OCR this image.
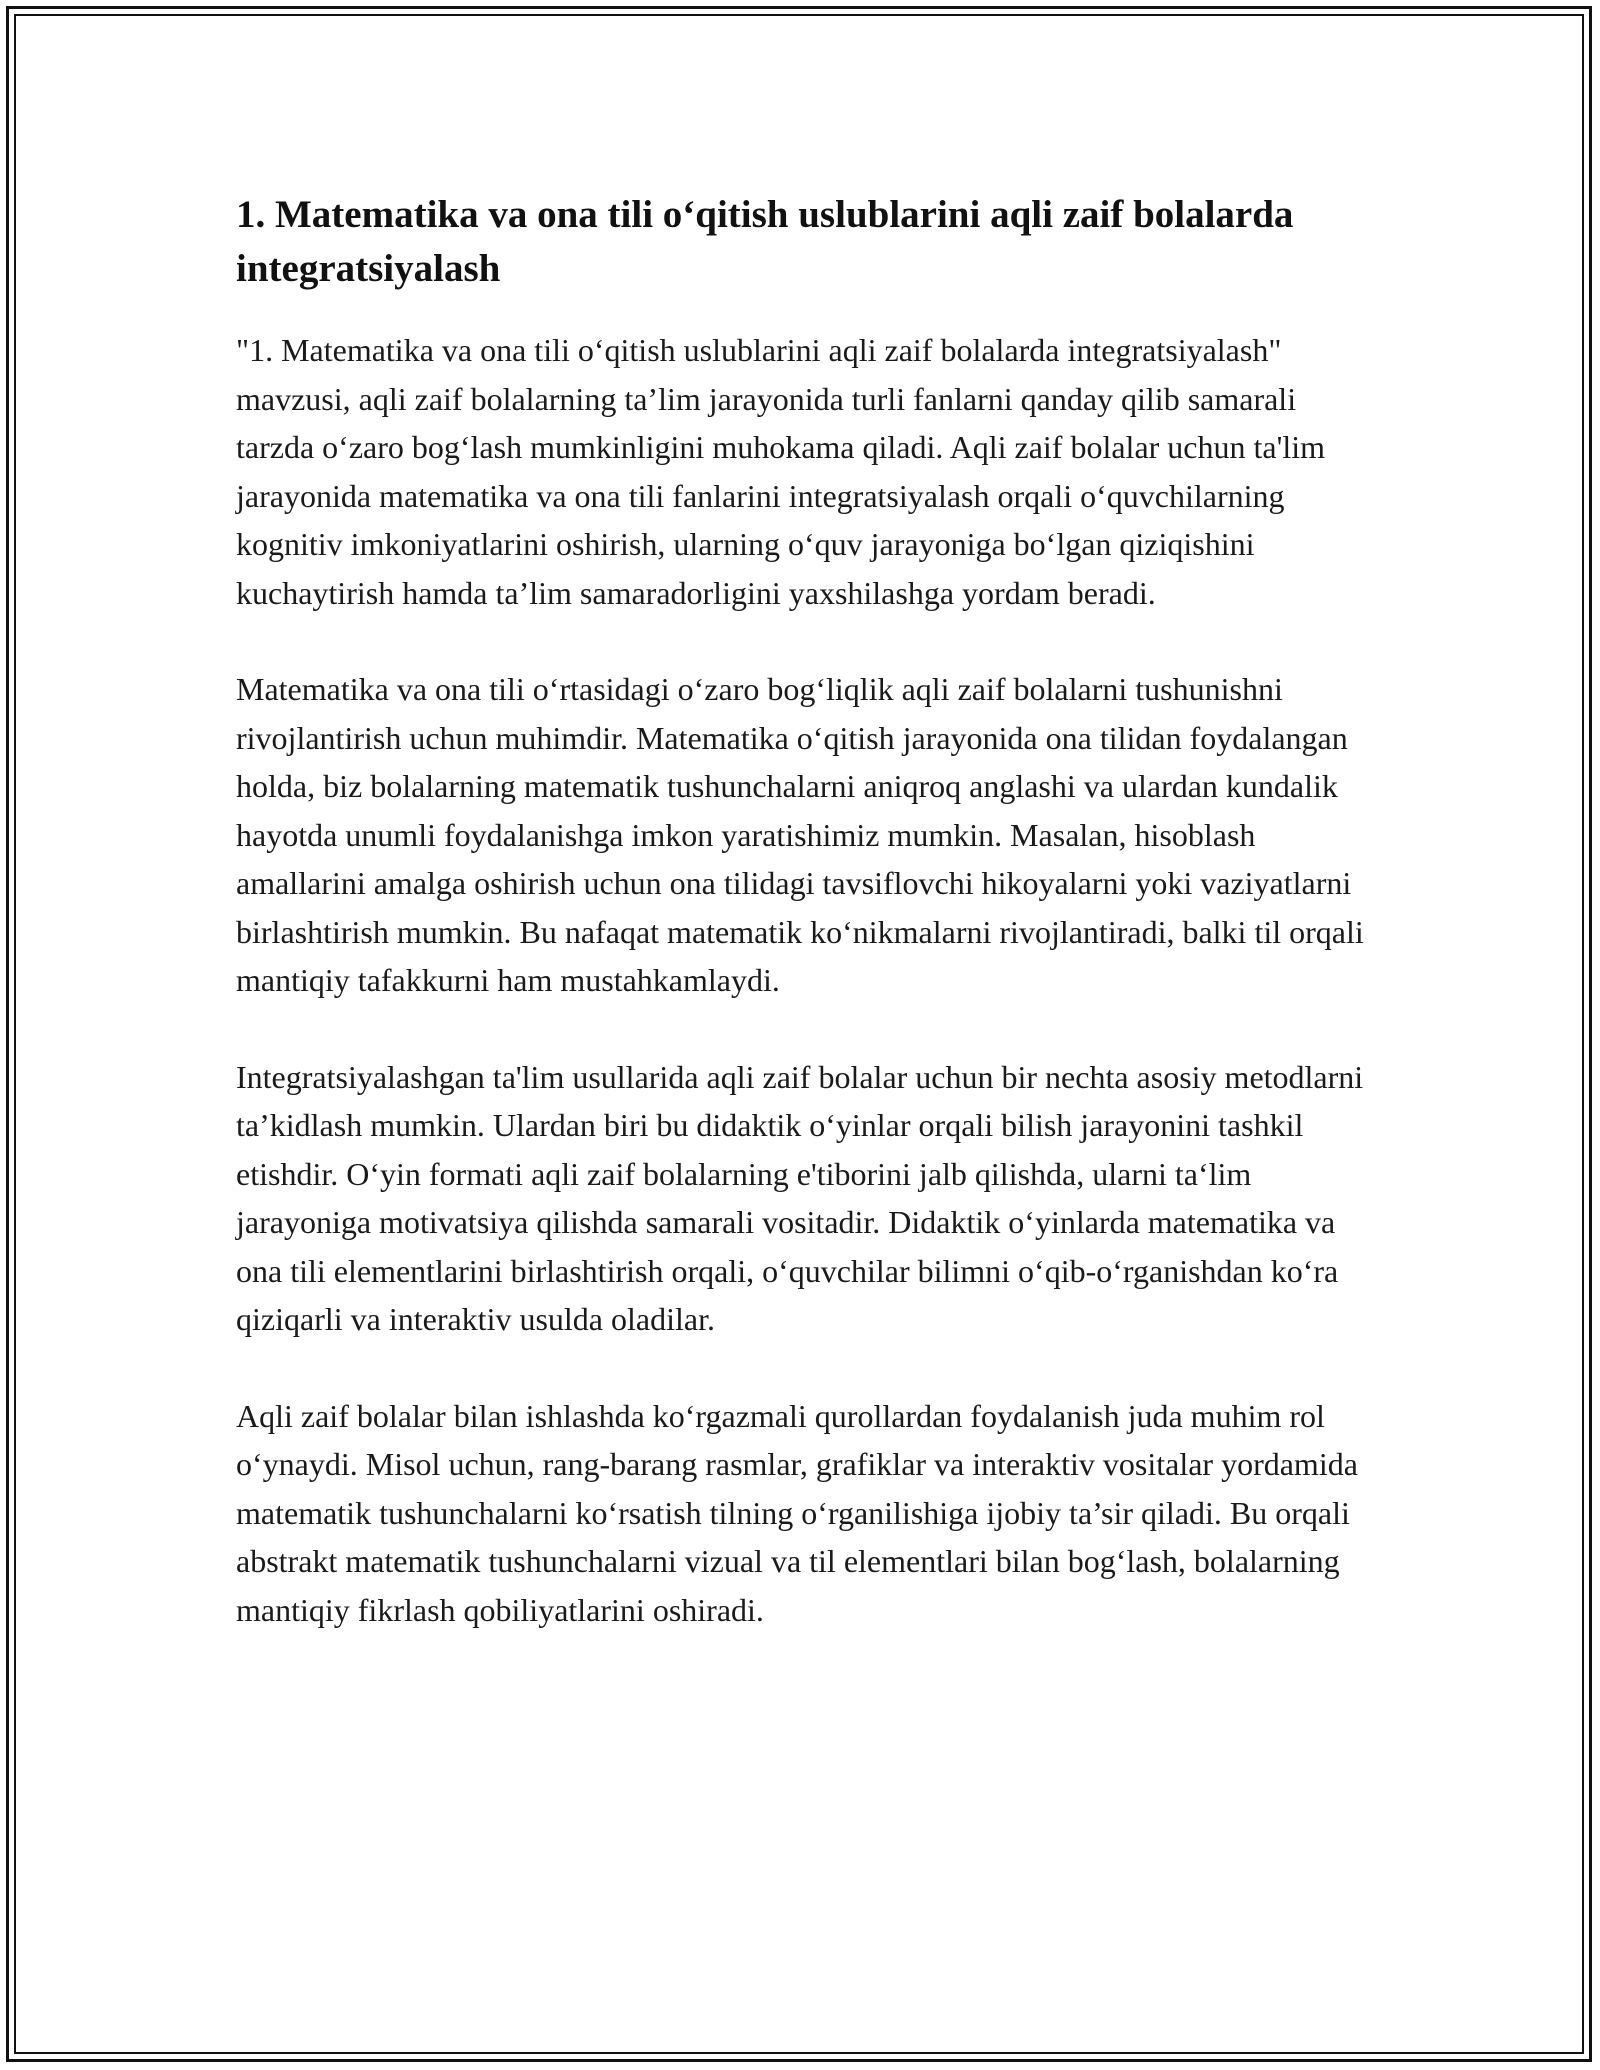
1. Matematika va ona tili o‘qitish uslublarini aqli zaif bolalarda integratsiyalash

"1. Matematika va ona tili o‘qitish uslublarini aqli zaif bolalarda integratsiyalash" mavzusi, aqli zaif bolalarning ta’lim jarayonida turli fanlarni qanday qilib samarali tarzda o‘zaro bog‘lash mumkinligini muhokama qiladi. Aqli zaif bolalar uchun ta'lim jarayonida matematika va ona tili fanlarini integratsiyalash orqali o‘quvchilarning kognitiv imkoniyatlarini oshirish, ularning o‘quv jarayoniga bo‘lgan qiziqishini kuchaytirish hamda ta’lim samaradorligini yaxshilashga yordam beradi.

Matematika va ona tili o‘rtasidagi o‘zaro bog‘liqlik aqli zaif bolalarni tushunishni rivojlantirish uchun muhimdir. Matematika o‘qitish jarayonida ona tilidan foydalangan holda, biz bolalarning matematik tushunchalarni aniqroq anglashi va ulardan kundalik hayotda unumli foydalanishga imkon yaratishimiz mumkin. Masalan, hisoblash amallarini amalga oshirish uchun ona tilidagi tavsiflovchi hikoyalarni yoki vaziyatlarni birlashtirish mumkin. Bu nafaqat matematik ko‘nikmalarni rivojlantiradi, balki til orqali mantiqiy tafakkurni ham mustahkamlaydi.

Integratsiyalashgan ta'lim usullarida aqli zaif bolalar uchun bir nechta asosiy metodlarni ta’kidlash mumkin. Ulardan biri bu didaktik o‘yinlar orqali bilish jarayonini tashkil etishdir. O‘yin formati aqli zaif bolalarning e'tiborini jalb qilishda, ularni ta‘lim jarayoniga motivatsiya qilishda samarali vositadir. Didaktik o‘yinlarda matematika va ona tili elementlarini birlashtirish orqali, o‘quvchilar bilimni o‘qib-o‘rganishdan ko‘ra qiziqarli va interaktiv usulda oladilar.

Aqli zaif bolalar bilan ishlashda ko‘rgazmali qurollardan foydalanish juda muhim rol o‘ynaydi. Misol uchun, rang-barang rasmlar, grafiklar va interaktiv vositalar yordamida matematik tushunchalarni ko‘rsatish tilning o‘rganilishiga ijobiy ta’sir qiladi. Bu orqali abstrakt matematik tushunchalarni vizual va til elementlari bilan bog‘lash, bolalarning mantiqiy fikrlash qobiliyatlarini oshiradi.
